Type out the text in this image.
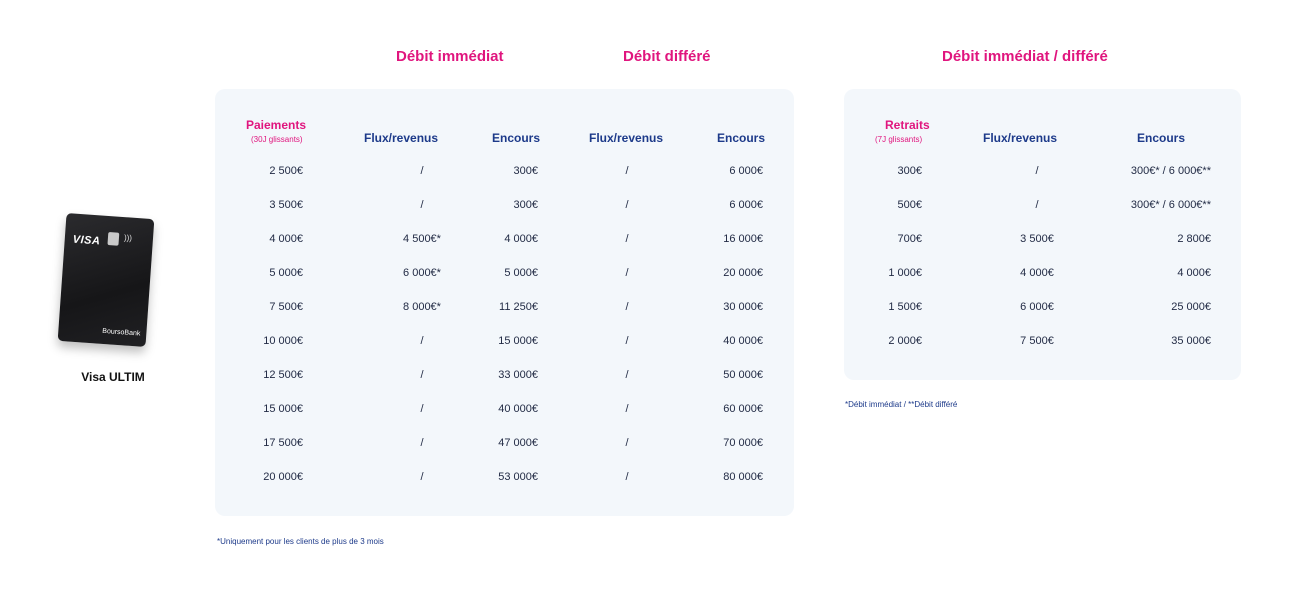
VISA	)))
BoursoBank
Visa ULTIM
Débit immédiat	Débit différé	Débit immédiat / différé
Paiements
(30J glissants)	Flux/revenus	Encours	Flux/revenus	Encours
Retraits
(7J glissants)	Flux/revenus	Encours
2 500€	/	300€	/	6 000€
3 500€	/	300€	/	6 000€
4 000€	4 500€*	4 000€	/	16 000€
5 000€	6 000€*	5 000€	/	20 000€
7 500€	8 000€*	11 250€	/	30 000€
10 000€	/	15 000€	/	40 000€
12 500€	/	33 000€	/	50 000€
15 000€	/	40 000€	/	60 000€
17 500€	/	47 000€	/	70 000€
20 000€	/	53 000€	/	80 000€
300€	/	300€* / 6 000€**
500€	/	300€* / 6 000€**
700€	3 500€	2 800€
1 000€	4 000€	4 000€
1 500€	6 000€	25 000€
2 000€	7 500€	35 000€
*Uniquement pour les clients de plus de 3 mois
*Débit immédiat / **Débit différé
